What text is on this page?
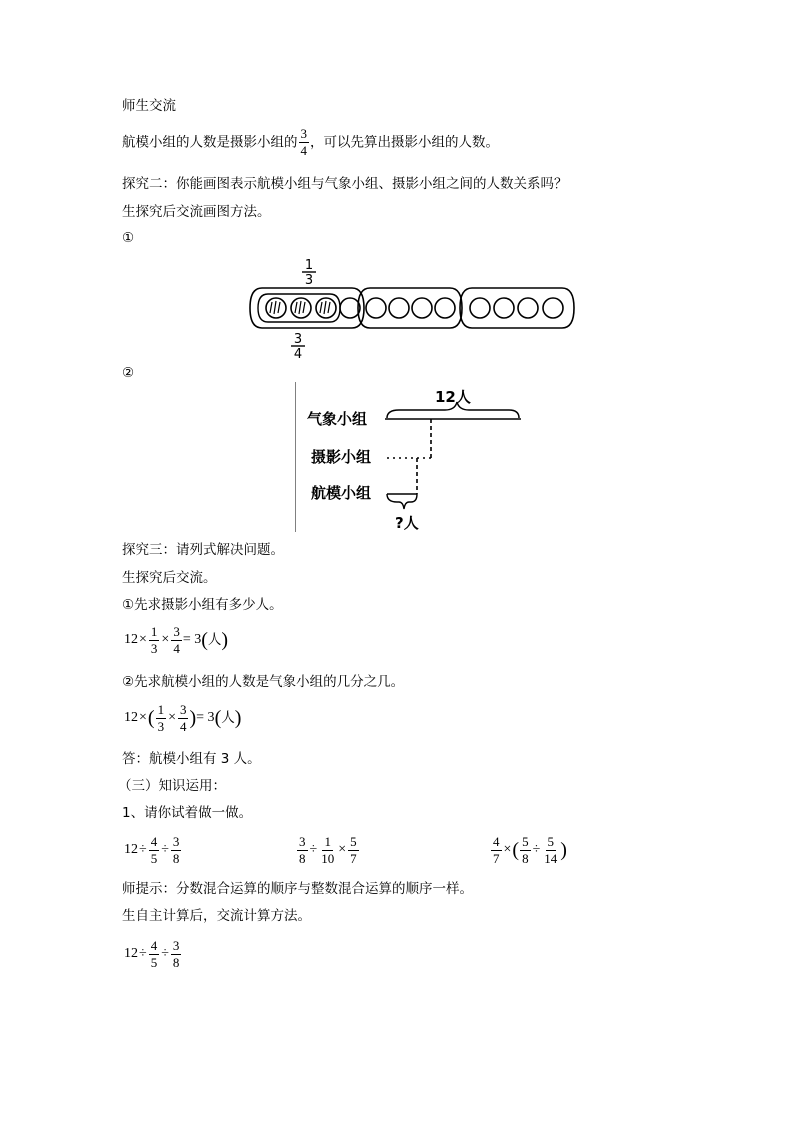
师生交流
航模小组的人数是摄影小组的 $\frac{3}{4}$ ，可以先算出摄影小组的人数。
探究二：你能画图表示航模小组与气象小组、摄影小组之间的人数关系吗？
生探究后交流画图方法。
①
1
3
3
4
②
气象小组
摄影小组
航模小组
12人
?人
探究三：请列式解决问题。
生探究后交流。
①先求摄影小组有多少人。
$12\times \frac{1}{3} \times \frac{3}{4} = 3$(人)
②先求航模小组的人数是气象小组的几分之几。
$12\times( \frac{1}{3} \times \frac{3}{4}$ )= 3(人)
答：航模小组有 3 人。
（三）知识运用：
1、请你试着做一做。
$12\div \frac{4}{5} \div \frac{3}{8}$	$\frac{3}{8} \div \frac{1}{10} \times \frac{5}{7}$	$\frac{4}{7}$ ×( $\frac{5}{8} \div \frac{5}{14}$ )
师提示：分数混合运算的顺序与整数混合运算的顺序一样。
生自主计算后，交流计算方法。
$12\div \frac{4}{5} \div \frac{3}{8}$
